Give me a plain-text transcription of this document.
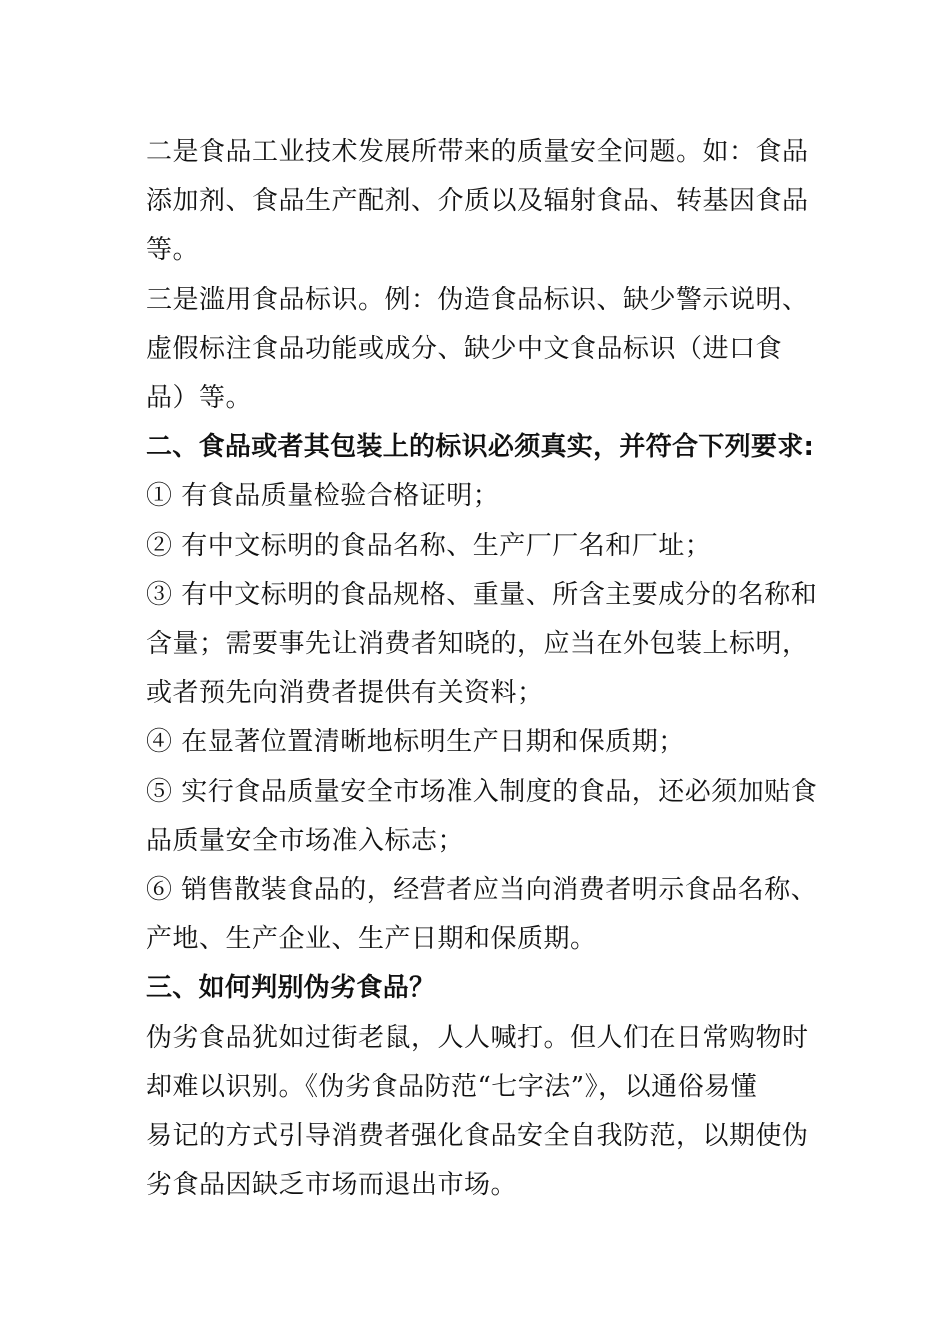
二是食品工业技术发展所带来的质量安全问题。如：食品
添加剂、食品生产配剂、介质以及辐射食品、转基因食品
等。
三是滥用食品标识。例：伪造食品标识、缺少警示说明、
虚假标注食品功能或成分、缺少中文食品标识（进口食
品）等。
二、食品或者其包装上的标识必须真实，并符合下列要求:
① 有食品质量检验合格证明；
② 有中文标明的食品名称、生产厂厂名和厂址；
③ 有中文标明的食品规格、重量、所含主要成分的名称和
含量；需要事先让消费者知晓的，应当在外包装上标明，
或者预先向消费者提供有关资料；
④ 在显著位置清晰地标明生产日期和保质期；
⑤ 实行食品质量安全市场准入制度的食品，还必须加贴食
品质量安全市场准入标志；
⑥ 销售散装食品的，经营者应当向消费者明示食品名称、
产地、生产企业、生产日期和保质期。
三、如何判别伪劣食品？
伪劣食品犹如过街老鼠，人人喊打。但人们在日常购物时
却难以识别。《伪劣食品防范“七字法”》，以通俗易懂
易记的方式引导消费者强化食品安全自我防范，以期使伪
劣食品因缺乏市场而退出市场。
